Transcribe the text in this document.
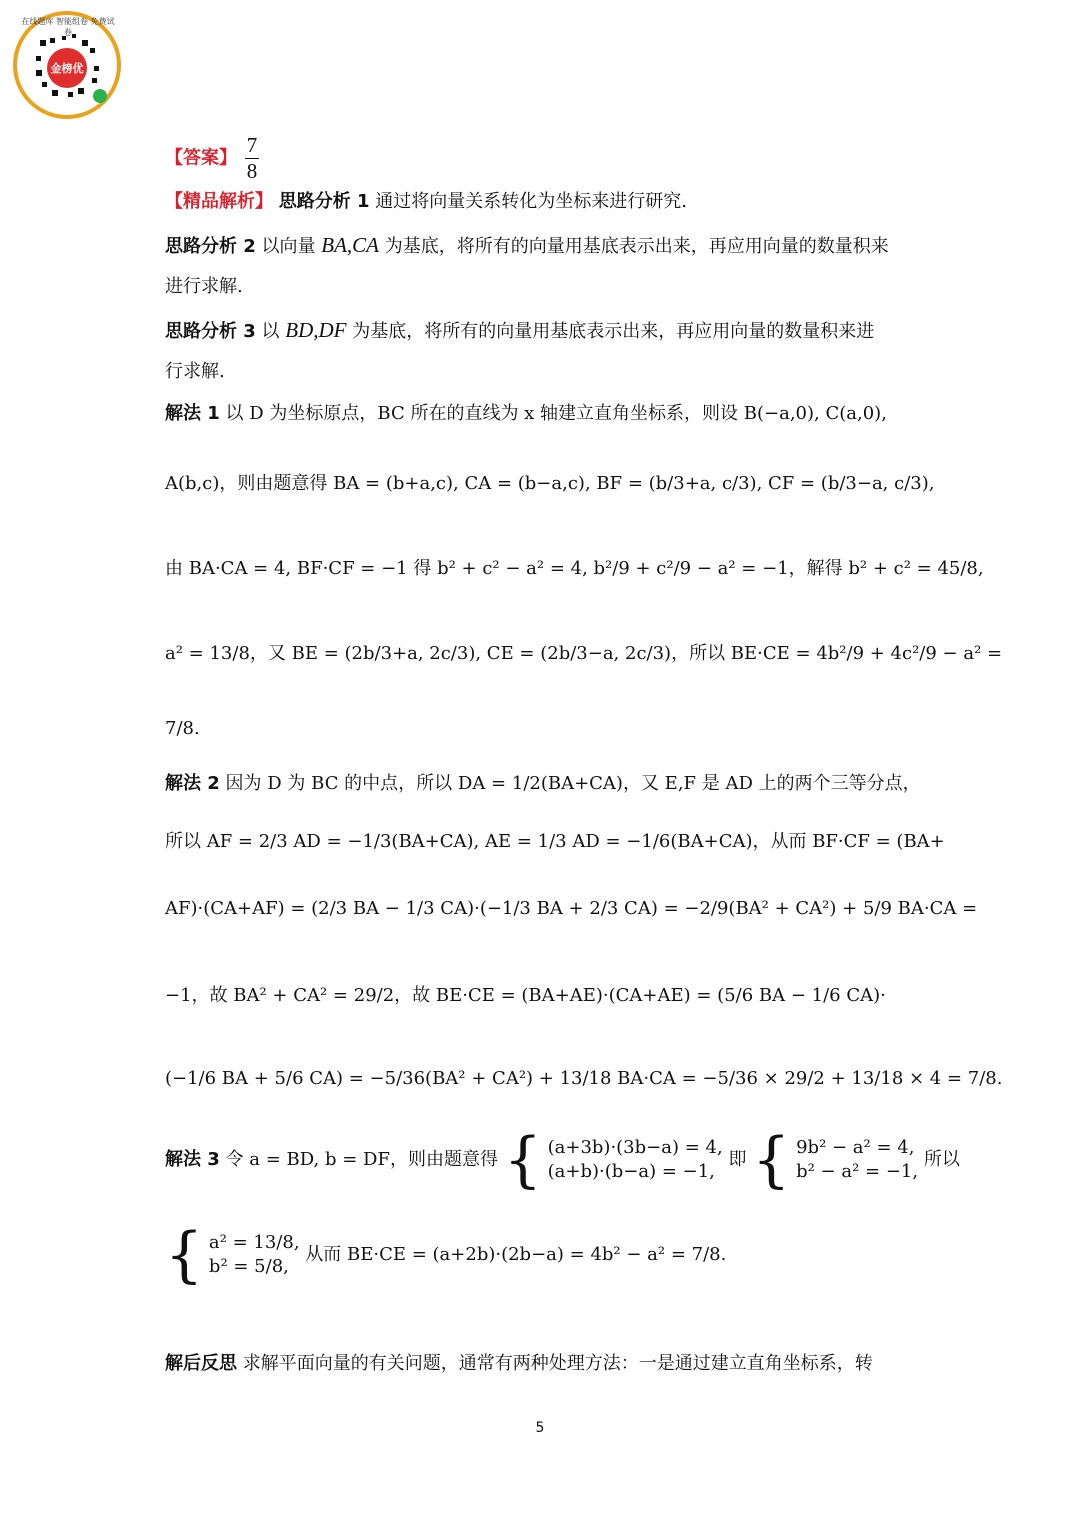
金榜优
在线题库 智能组卷 免费试卷
【答案】 $\frac{7}{8}$
【精品解析】 思路分析 1 通过将向量关系转化为坐标来进行研究.
思路分析 2 以向量 BA,CA 为基底，将所有的向量用基底表示出来，再应用向量的数量积来
进行求解.
思路分析 3 以 BD,DF 为基底，将所有的向量用基底表示出来，再应用向量的数量积来进
行求解.
解法 1 以 D 为坐标原点，BC 所在的直线为 x 轴建立直角坐标系，则设 B(−a,0), C(a,0),
A(b,c)，则由题意得 BA = (b+a,c), CA = (b−a,c), BF = (b/3+a, c/3), CF = (b/3−a, c/3),
由 BA·CA = 4, BF·CF = −1 得 b² + c² − a² = 4, b²/9 + c²/9 − a² = −1，解得 b² + c² = 45/8,
a² = 13/8，又 BE = (2b/3+a, 2c/3), CE = (2b/3−a, 2c/3)，所以 BE·CE = 4b²/9 + 4c²/9 − a² =
7/8.
解法 2 因为 D 为 BC 的中点，所以 DA = 1/2(BA+CA)，又 E,F 是 AD 上的两个三等分点，
所以 AF = 2/3 AD = −1/3(BA+CA), AE = 1/3 AD = −1/6(BA+CA)，从而 BF·CF = (BA+
AF)·(CA+AF) = (2/3 BA − 1/3 CA)·(−1/3 BA + 2/3 CA) = −2/9(BA² + CA²) + 5/9 BA·CA =
−1，故 BA² + CA² = 29/2，故 BE·CE = (BA+AE)·(CA+AE) = (5/6 BA − 1/6 CA)·
(−1/6 BA + 5/6 CA) = −5/36(BA² + CA²) + 13/18 BA·CA = −5/36 × 29/2 + 13/18 × 4 = 7/8.
解法 3 令 a = BD, b = DF，则由题意得 { (a+3b)·(3b−a) = 4,
(a+b)·(b−a) = −1,
即 { 9b² − a² = 4,
b² − a² = −1,
所以
{ a² = 13/8,
b² = 5/8,
从而 BE·CE = (a+2b)·(2b−a) = 4b² − a² = 7/8.
解后反思 求解平面向量的有关问题，通常有两种处理方法：一是通过建立直角坐标系，转
5
